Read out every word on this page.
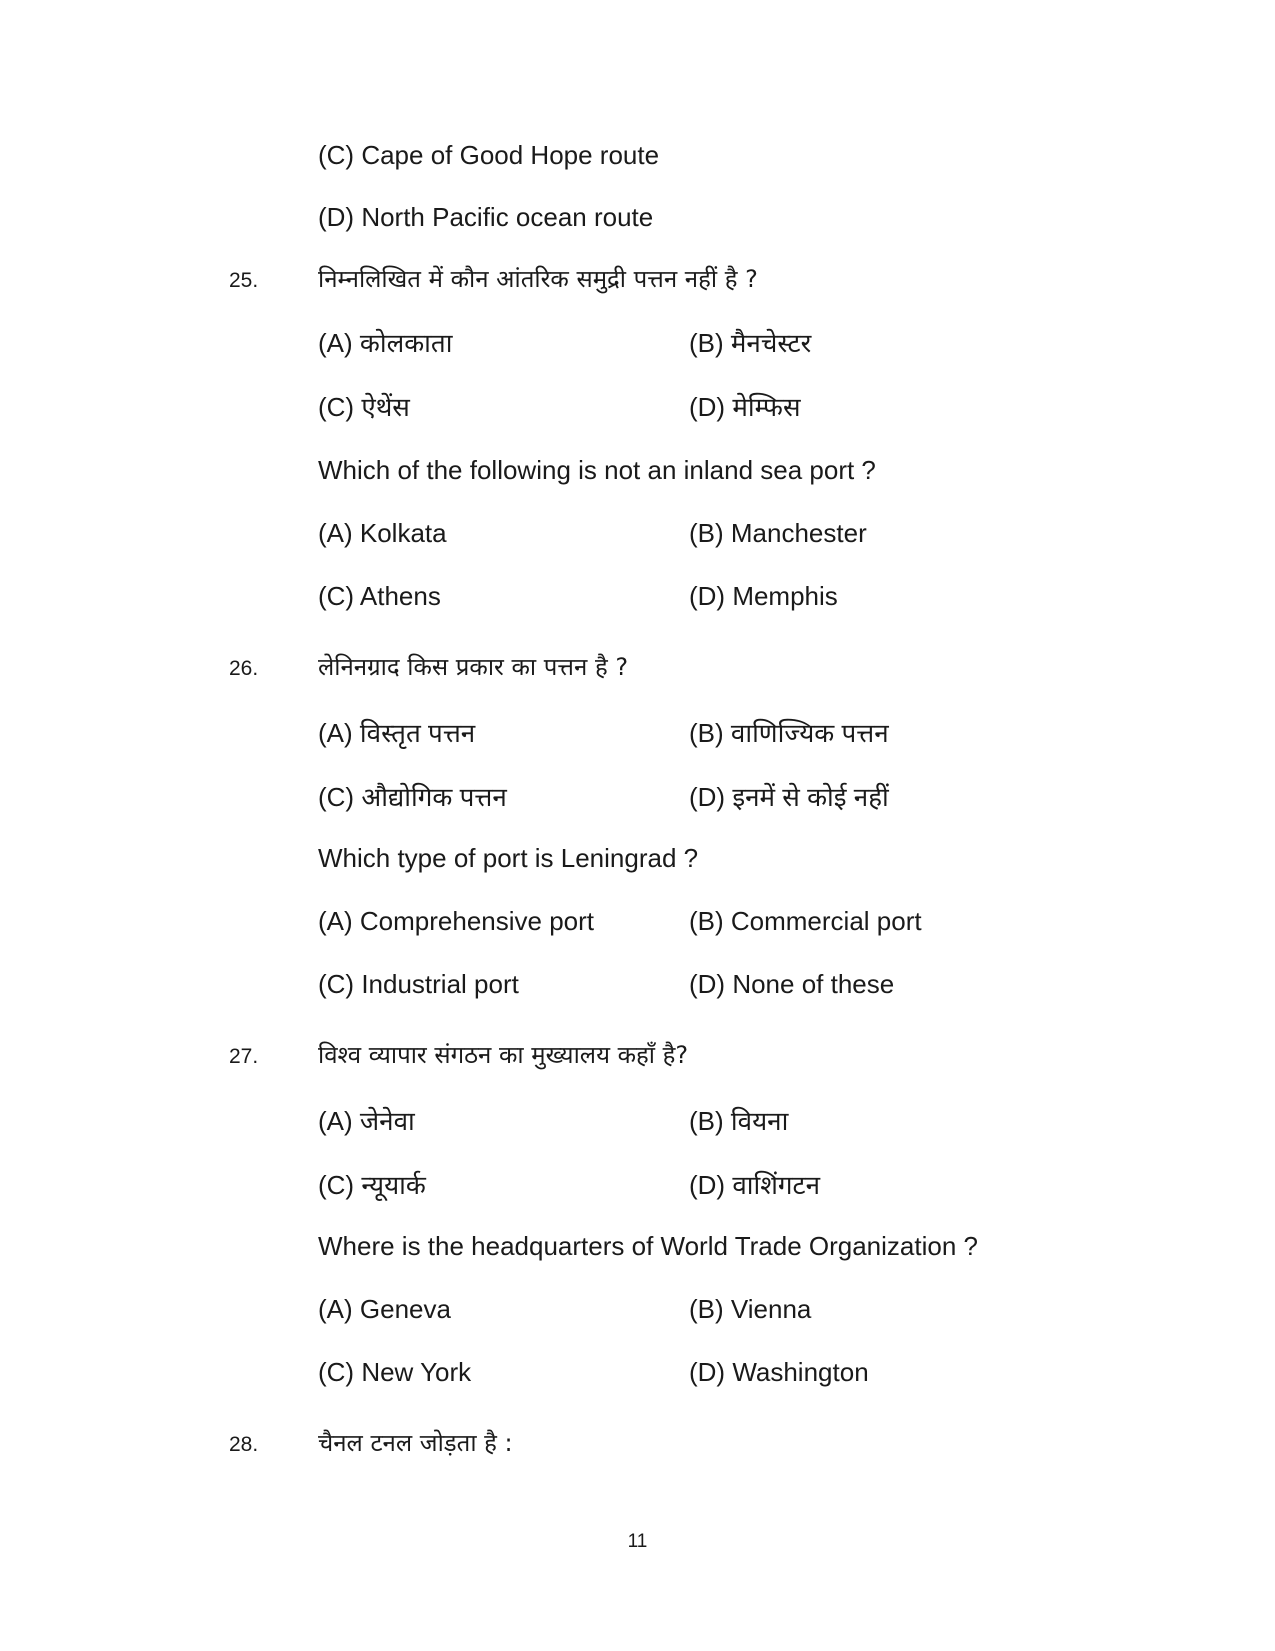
(C) Cape of Good Hope route
(D) North Pacific ocean route
25. निम्नलिखित में कौन आंतरिक समुद्री पत्तन नहीं है ?
(A) कोलकाता	(B) मैनचेस्टर
(C) ऐथेंस	(D) मेम्फिस
Which of the following is not an inland sea port ?
(A) Kolkata	(B) Manchester
(C) Athens	(D) Memphis
26. लेनिनग्राद किस प्रकार का पत्तन है ?
(A) विस्तृत पत्तन	(B) वाणिज्यिक पत्तन
(C) औद्योगिक पत्तन	(D) इनमें से कोई नहीं
Which type of port is Leningrad ?
(A) Comprehensive port	(B) Commercial port
(C) Industrial port	(D) None of these
27. विश्व व्यापार संगठन का मुख्यालय कहाँ है?
(A) जेनेवा	(B) वियना
(C) न्यूयार्क	(D) वाशिंगटन
Where is the headquarters of World Trade Organization ?
(A) Geneva	(B) Vienna
(C) New York	(D) Washington
28. चैनल टनल जोड़ता है :
11
